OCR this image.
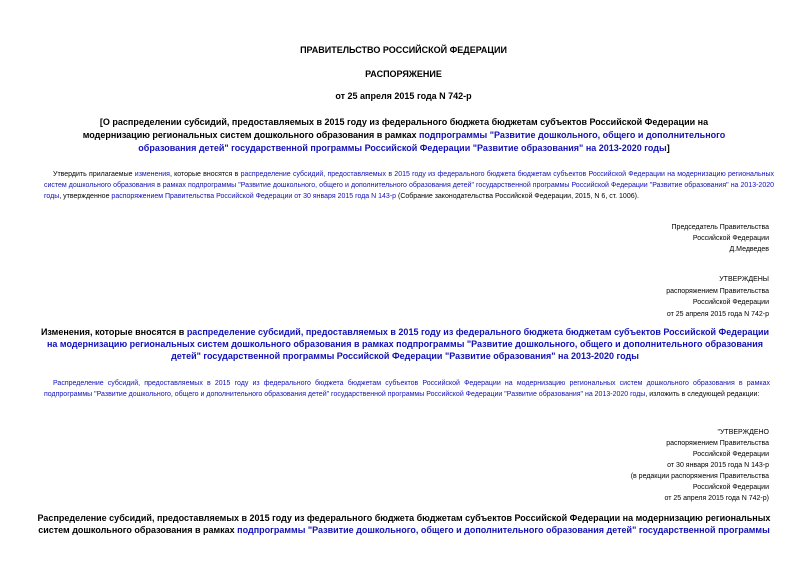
ПРАВИТЕЛЬСТВО РОССИЙСКОЙ ФЕДЕРАЦИИ
РАСПОРЯЖЕНИЕ
от 25 апреля 2015 года N 742-р
[О распределении субсидий, предоставляемых в 2015 году из федерального бюджета бюджетам субъектов Российской Федерации на модернизацию региональных систем дошкольного образования в рамках подпрограммы "Развитие дошкольного, общего и дополнительного образования детей" государственной программы Российской Федерации "Развитие образования" на 2013-2020 годы]
Утвердить прилагаемые изменения, которые вносятся в распределение субсидий, предоставляемых в 2015 году из федерального бюджета бюджетам субъектов Российской Федерации на модернизацию региональных систем дошкольного образования в рамках подпрограммы "Развитие дошкольного, общего и дополнительного образования детей" государственной программы Российской Федерации "Развитие образования" на 2013-2020 годы, утвержденное распоряжением Правительства Российской Федерации от 30 января 2015 года N 143-р (Собрание законодательства Российской Федерации, 2015, N 6, ст. 1006).
Председатель Правительства
Российской Федерации
Д.Медведев
УТВЕРЖДЕНЫ
распоряжением Правительства
Российской Федерации
от 25 апреля 2015 года N 742-р
Изменения, которые вносятся в распределение субсидий, предоставляемых в 2015 году из федерального бюджета бюджетам субъектов Российской Федерации на модернизацию региональных систем дошкольного образования в рамках подпрограммы "Развитие дошкольного, общего и дополнительного образования детей" государственной программы Российской Федерации "Развитие образования" на 2013-2020 годы
Распределение субсидий, предоставляемых в 2015 году из федерального бюджета бюджетам субъектов Российской Федерации на модернизацию региональных систем дошкольного образования в рамках подпрограммы "Развитие дошкольного, общего и дополнительного образования детей" государственной программы Российской Федерации "Развитие образования" на 2013-2020 годы, изложить в следующей редакции:
"УТВЕРЖДЕНО
распоряжением Правительства
Российской Федерации
от 30 января 2015 года N 143-р
(в редакции распоряжения Правительства
Российской Федерации
от 25 апреля 2015 года N 742-р)
Распределение субсидий, предоставляемых в 2015 году из федерального бюджета бюджетам субъектов Российской Федерации на модернизацию региональных систем дошкольного образования в рамках подпрограммы "Развитие дошкольного, общего и дополнительного образования детей" государственной программы
